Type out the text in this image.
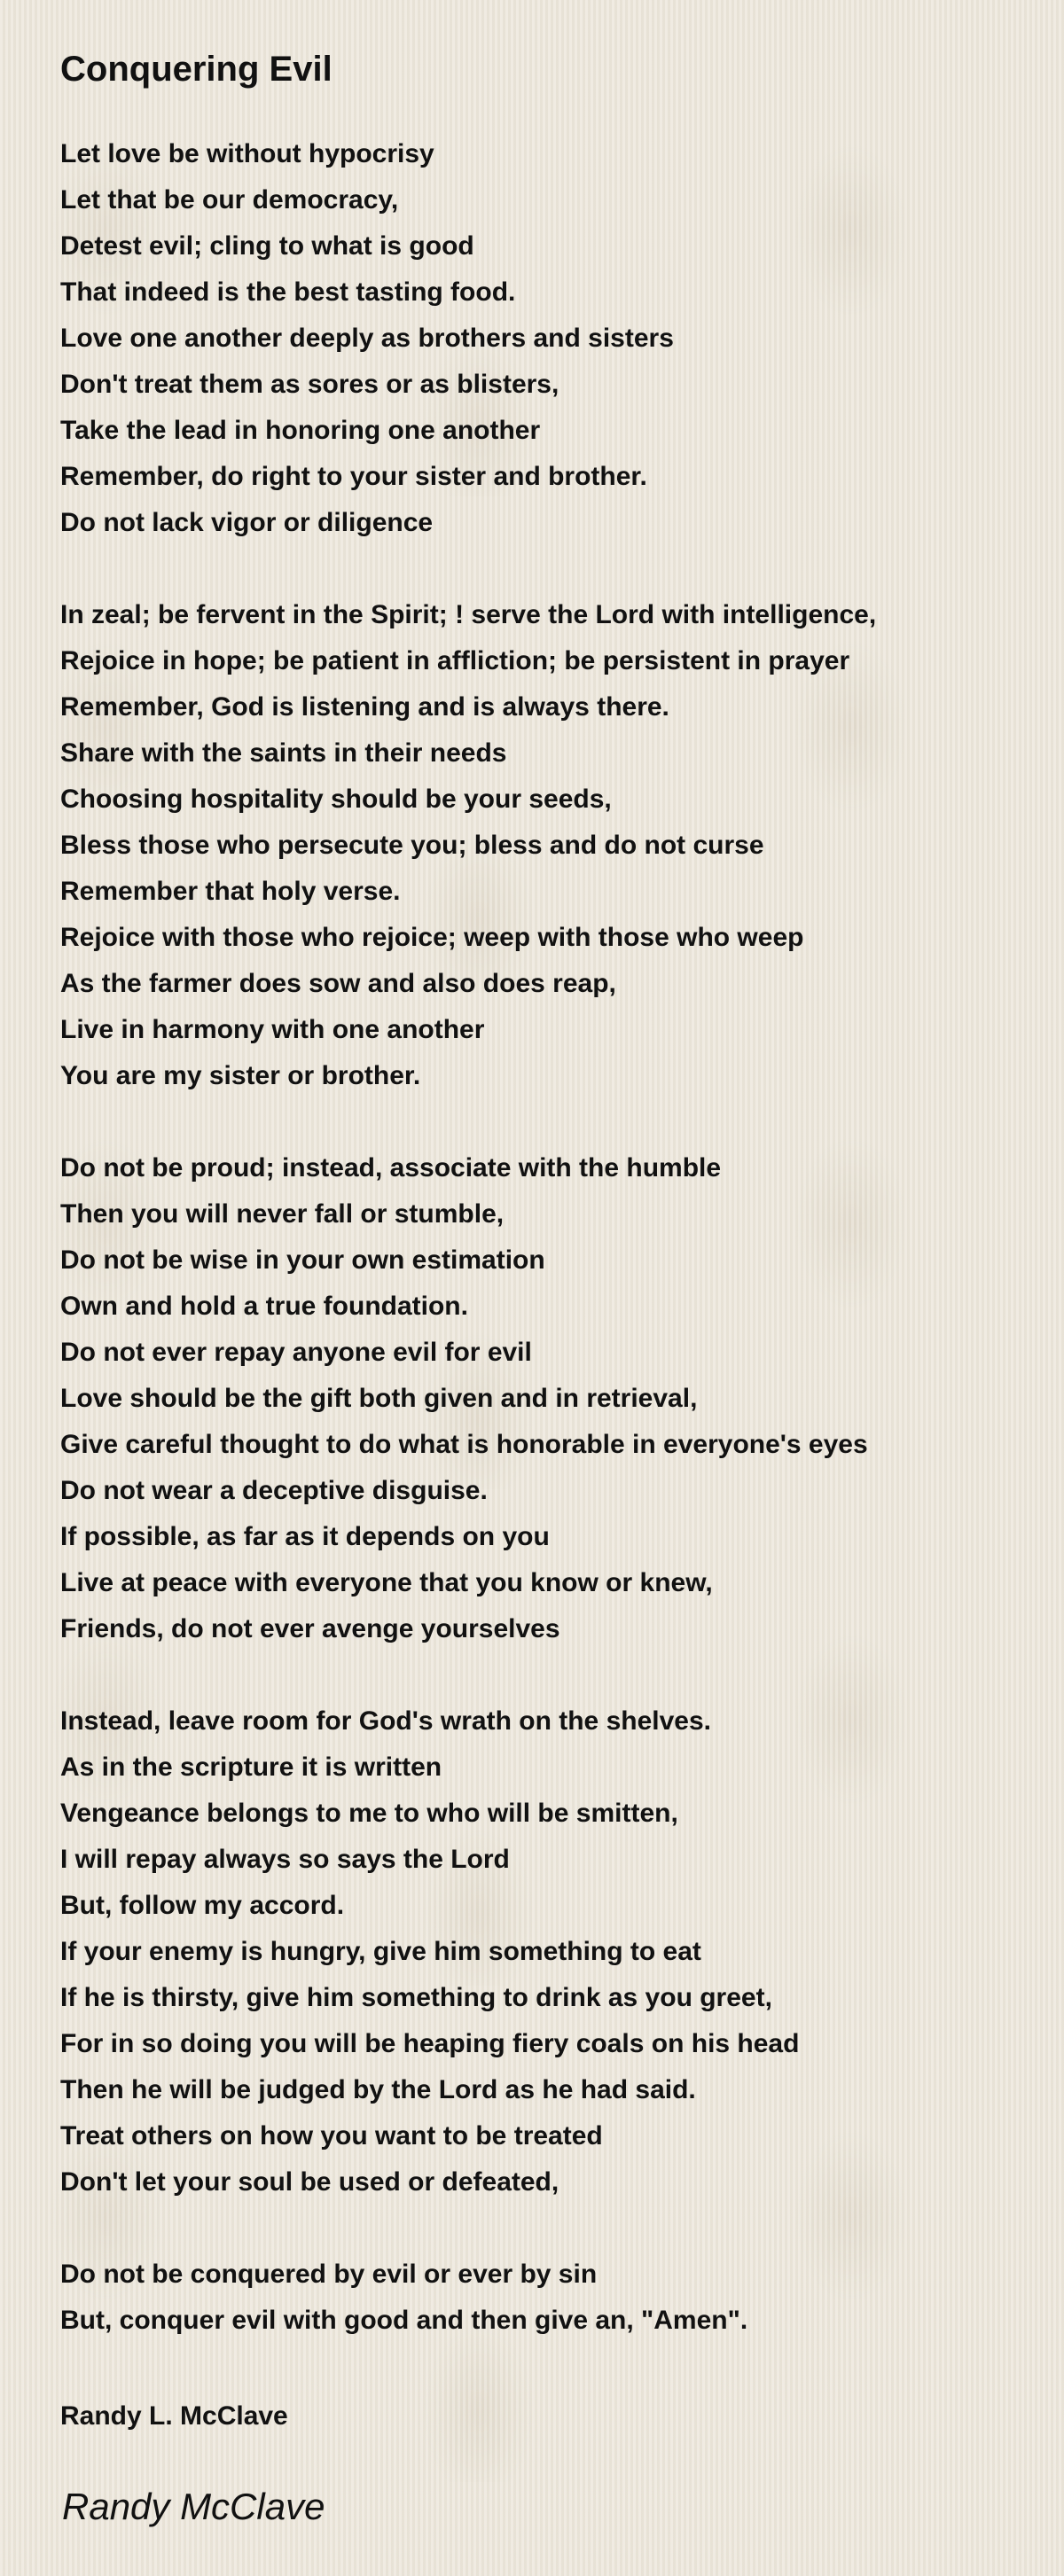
Conquering Evil
Let love be without hypocrisy
Let that be our democracy,
Detest evil; cling to what is good
That indeed is the best tasting food.
Love one another deeply as brothers and sisters
Don't treat them as sores or as blisters,
Take the lead in honoring one another
Remember, do right to your sister and brother.
Do not lack vigor or diligence
In zeal; be fervent in the Spirit; ! serve the Lord with intelligence,
Rejoice in hope; be patient in affliction; be persistent in prayer
Remember, God is listening and is always there.
Share with the saints in their needs
Choosing hospitality should be your seeds,
Bless those who persecute you; bless and do not curse
Remember that holy verse.
Rejoice with those who rejoice; weep with those who weep
As the farmer does sow and also does reap,
Live in harmony with one another
You are my sister or brother.
Do not be proud; instead, associate with the humble
Then you will never fall or stumble,
Do not be wise in your own estimation
Own and hold a true foundation.
Do not ever repay anyone evil for evil
Love should be the gift both given and in retrieval,
Give careful thought to do what is honorable in everyone's eyes
Do not wear a deceptive disguise.
If possible, as far as it depends on you
Live at peace with everyone that you know or knew,
Friends, do not ever avenge yourselves
Instead, leave room for God's wrath on the shelves.
As in the scripture it is written
Vengeance belongs to me to who will be smitten,
I will repay always so says the Lord
But, follow my accord.
If your enemy is hungry, give him something to eat
If he is thirsty, give him something to drink as you greet,
For in so doing you will be heaping fiery coals on his head
Then he will be judged by the Lord as he had said.
Treat others on how you want to be treated
Don't let your soul be used or defeated,
Do not be conquered by evil or ever by sin
But, conquer evil with good and then give an, "Amen".
Randy L. McClave
Randy McClave
